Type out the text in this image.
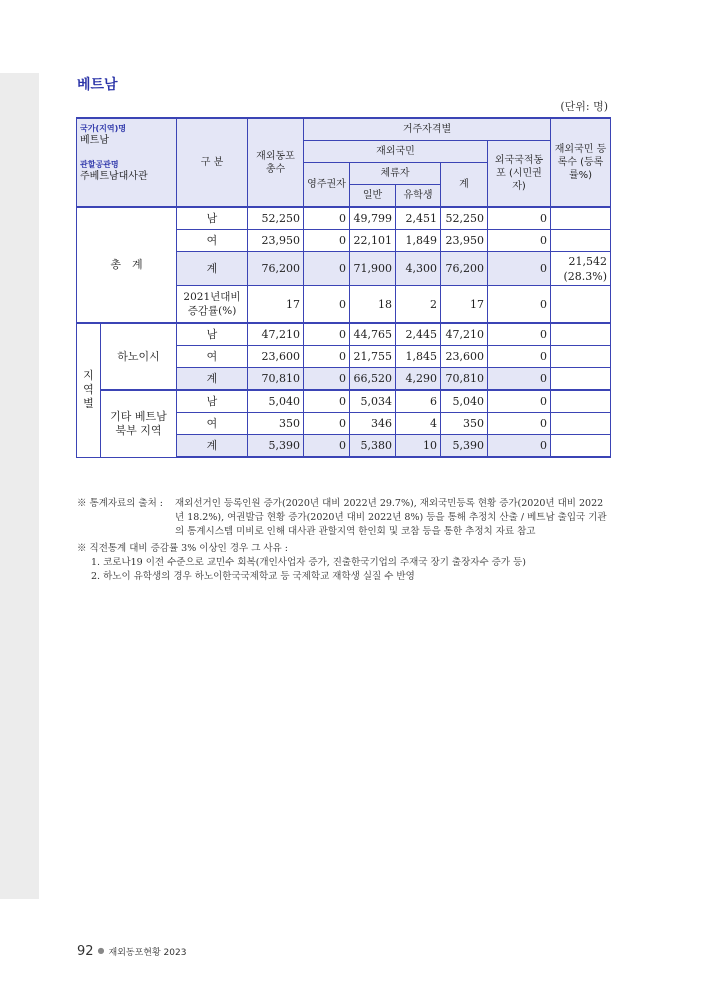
베트남
(단위: 명)
국가(지역)명
베트남
관할공관명
주베트남대사관		구 분	재외동포 총수	거주자격별					재외국민 등록수 (등록률%)
				재외국민				외국국적동포 (시민권자)	
				영주권자	체류자		계		
					일반	유학생			
총　계		남	52,250	0	49,799	2,451	52,250	0	
		여	23,950	0	22,101	1,849	23,950	0	
		계	76,200	0	71,900	4,300	76,200	0	21,542
(28.3%)

		2021년대비 증감률(%)	17	0	18	2	17	0	
지 역 별	하노이시	남	47,210	0	44,765	2,445	47,210	0	
		여	23,600	0	21,755	1,845	23,600	0	
		계	70,810	0	66,520	4,290	70,810	0	
	기타 베트남 북부 지역	남	5,040	0	5,034	6	5,040	0	
		여	350	0	346	4	350	0	
		계	5,390	0	5,380	10	5,390	0	
※ 통계자료의 출처 :	재외선거인 등록인원 증가(2020년 대비 2022년 29.7%), 재외국민등록 현황 증가(2020년 대비 2022년 18.2%), 여권발급 현황 증가(2020년 대비 2022년 8%) 등을 통해 추정치 산출 / 베트남 출입국 기관의 통계시스템 미비로 인해 대사관 관할지역 한인회 및 코참 등을 통한 추정치 자료 참고
※ 직전통계 대비 증감률 3% 이상인 경우 그 사유 :
1. 코로나19 이전 수준으로 교민수 회복(개인사업자 증가, 진출한국기업의 주재국 장기 출장자수 증가 등)
2. 하노이 유학생의 경우 하노이한국국제학교 등 국제학교 재학생 실질 수 반영
92 ● 재외동포현황 2023
